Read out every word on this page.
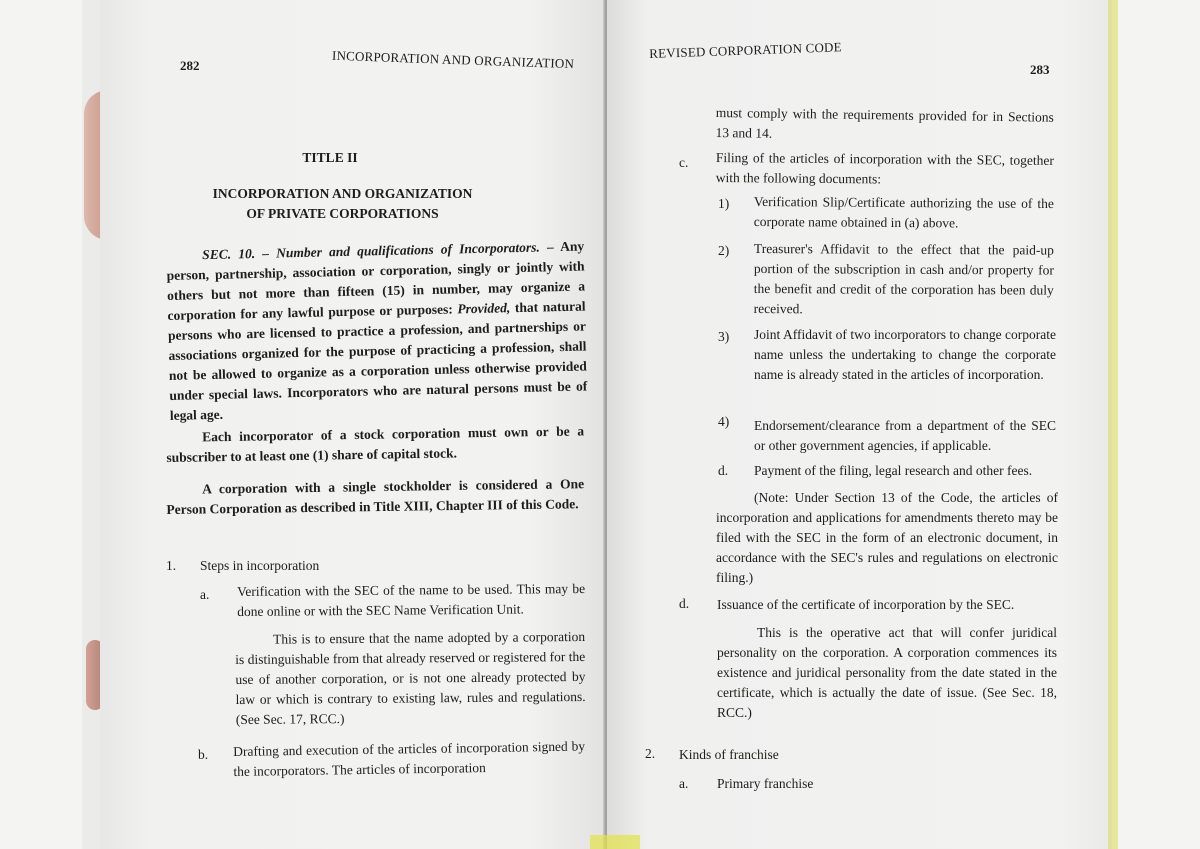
282	INCORPORATION AND ORGANIZATION
TITLE II
INCORPORATION AND ORGANIZATION
OF PRIVATE CORPORATIONS
SEC. 10. – Number and qualifications of Incorporators. – Any person, partnership, association or corporation, singly or jointly with others but not more than fifteen (15) in number, may organize a corporation for any lawful purpose or purposes: Provided, that natural persons who are licensed to practice a profession, and partnerships or associations organized for the purpose of practicing a profession, shall not be allowed to organize as a corporation unless otherwise provided under special laws. Incorporators who are natural persons must be of legal age.
Each incorporator of a stock corporation must own or be a subscriber to at least one (1) share of capital stock.
A corporation with a single stockholder is considered a One Person Corporation as described in Title XIII, Chapter III of this Code.
1. Steps in incorporation
a. Verification with the SEC of the name to be used. This may be done online or with the SEC Name Verification Unit.
This is to ensure that the name adopted by a corporation is distinguishable from that already reserved or registered for the use of another corporation, or is not one already protected by law or which is contrary to existing law, rules and regulations. (See Sec. 17, RCC.)
b. Drafting and execution of the articles of incorporation signed by the incorporators. The articles of incorporation
REVISED CORPORATION CODE
283
must comply with the requirements provided for in Sections 13 and 14.
c. Filing of the articles of incorporation with the SEC, together with the following documents:
1) Verification Slip/Certificate authorizing the use of the corporate name obtained in (a) above.
2) Treasurer's Affidavit to the effect that the paid-up portion of the subscription in cash and/or property for the benefit and credit of the corporation has been duly received.
3) Joint Affidavit of two incorporators to change corporate name unless the undertaking to change the corporate name is already stated in the articles of incorporation.
4) Endorsement/clearance from a department of the SEC or other government agencies, if applicable.
d. Payment of the filing, legal research and other fees.
(Note: Under Section 13 of the Code, the articles of incorporation and applications for amendments thereto may be filed with the SEC in the form of an electronic document, in accordance with the SEC's rules and regulations on electronic filing.)
d. Issuance of the certificate of incorporation by the SEC.
This is the operative act that will confer juridical personality on the corporation. A corporation commences its existence and juridical personality from the date stated in the certificate, which is actually the date of issue. (See Sec. 18, RCC.)
2. Kinds of franchise
a. Primary franchise
